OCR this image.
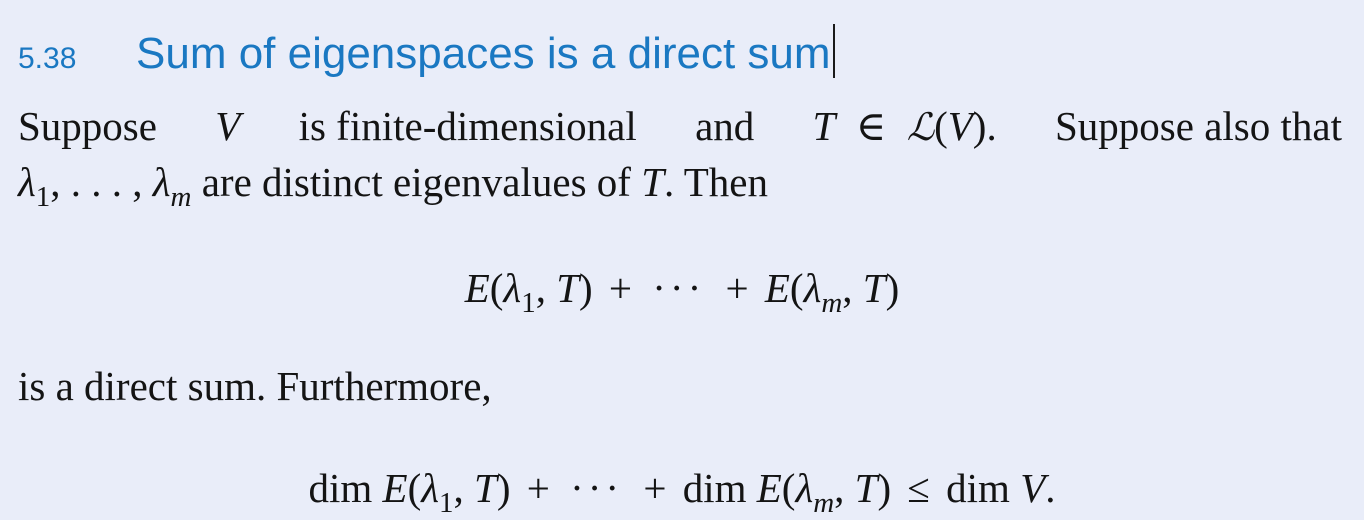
5.38	Sum of eigenspaces is a direct sum
Suppose V is finite-dimensional and T ∈ ℒ(V). Suppose also that
$\lambda_1$, . . . , $\lambda_m$ are distinct eigenvalues of T. Then
$E(\lambda_1$, T) + ··· + $E(\lambda_m$, T)
is a direct sum. Furthermore,
dim $E(\lambda_1$, T) + ··· + dim $E(\lambda_m$, T) ≤ dim V.
